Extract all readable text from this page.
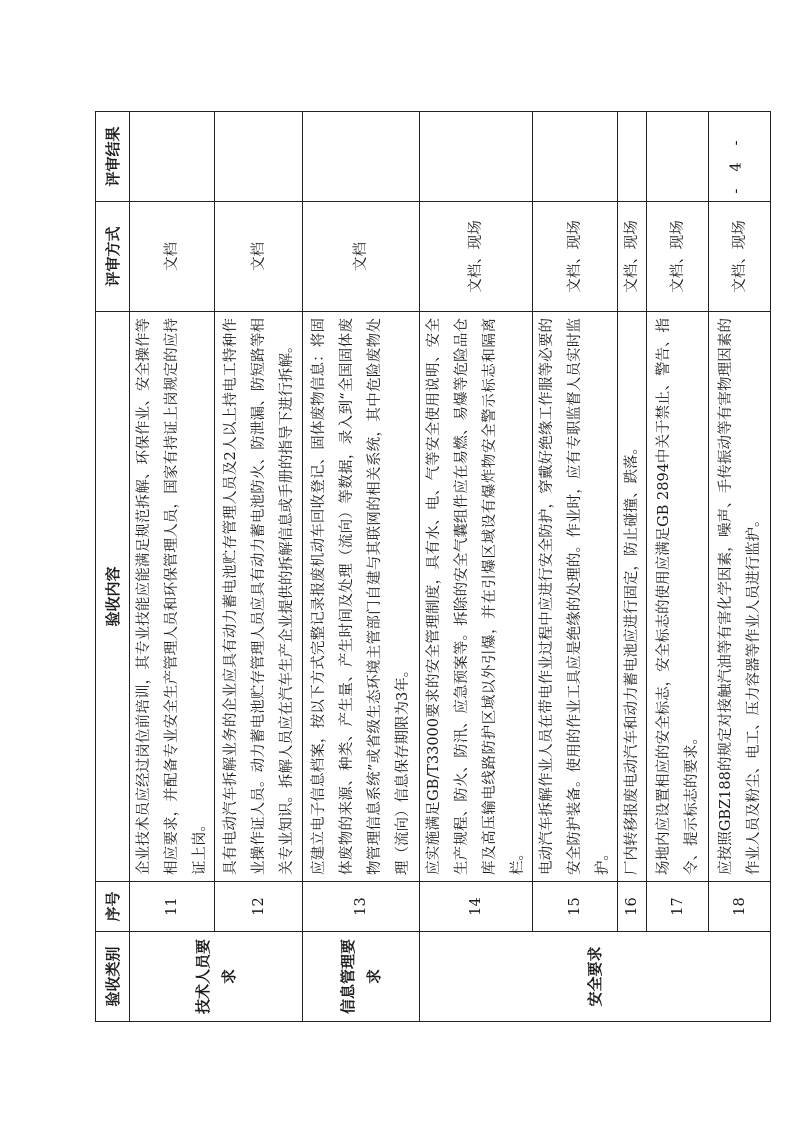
验收类别	序号	验收内容	评审方式	评审结果
技术人员要求	11	企业技术员应经过岗位前培训，其专业技能应能满足规范拆解、环保作业、安全操作等相应要求，并配备专业安全生产管理人员和环保管理人员，国家有持证上岗规定的应持证上岗。	文档	
	12	具有电动汽车拆解业务的企业应具有动力蓄电池贮存管理人员及2人以上持电工特种作业操作证人员。动力蓄电池贮存管理人员应具有动力蓄电池防火、防泄漏、防短路等相关专业知识。拆解人员应在汽车生产企业提供的拆解信息或手册的指导下进行拆解。	文档	
信息管理要求	13	应建立电子信息档案，按以下方式完整记录报废机动车回收登记、固体废物信息：将固体废物的来源、种类、产生量、产生时间及处理（流向）等数据，录入到“全国固体废物管理信息系统”或省级生态环境主管部门自建与其联网的相关系统，其中危险废物处理（流向）信息保存期限为3年。	文档	
安全要求	14	应实施满足GB/T33000要求的安全管理制度，具有水、电、气等安全使用说明、安全生产规程、防火、防汛、应急预案等。拆除的安全气囊组件应在易燃、易爆等危险品仓库及高压输电线路防护区域以外引爆，并在引爆区域设有爆炸物安全警示标志和隔离栏。	文档、现场	
	15	电动汽车拆解作业人员在带电作业过程中应进行安全防护，穿戴好绝缘工作服等必要的安全防护装备。使用的作业工具应是绝缘的处理的。作业时，应有专职监督人员实时监护。	文档、现场	
	16	厂内转移报废电动汽车和动力蓄电池应进行固定，防止碰撞、跌落。	文档、现场	
	17	场地内应设置相应的安全标志，安全标志的使用应满足GB 2894中关于禁止、警告、指令、提示标志的要求。	文档、现场	
	18	应按照GBZ188的规定对接触汽油等有害化学因素，噪声、手传振动等有害物理因素的作业人员及粉尘、电工、压力容器等作业人员进行监护。	文档、现场	
- 4 -
